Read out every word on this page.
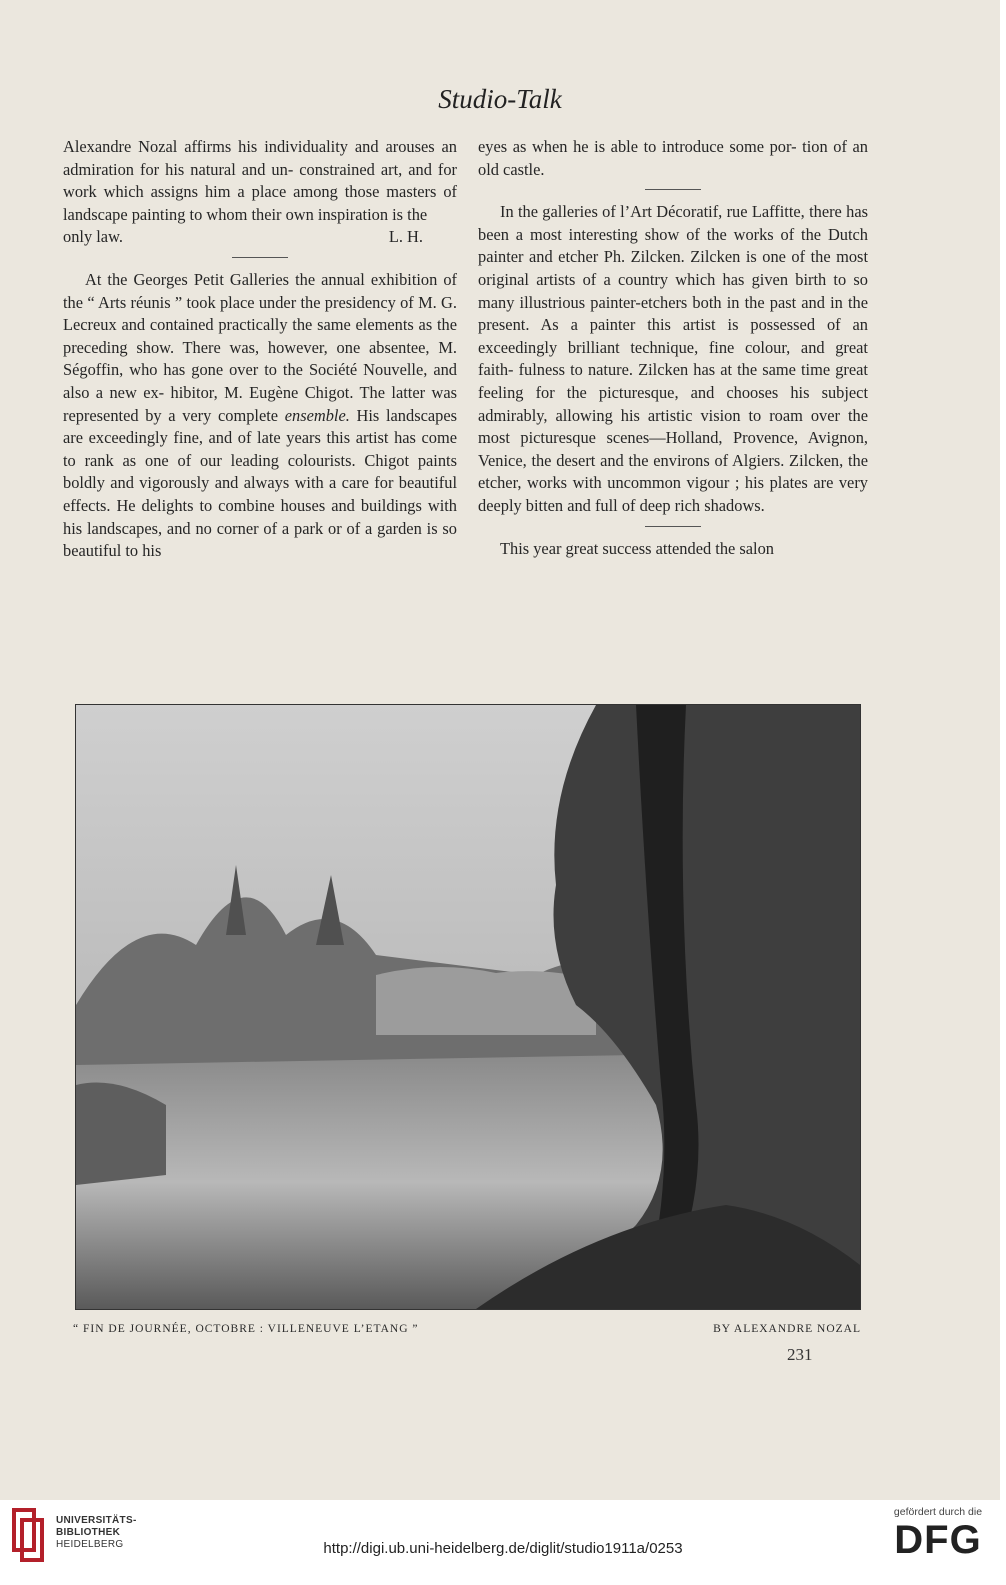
Studio-Talk

Alexandre Nozal affirms his individuality and arouses an admiration for his natural and un- constrained art, and for work which assigns him a place among those masters of landscape painting to whom their own inspiration is the

only law.	L. H.

At the Georges Petit Galleries the annual exhibition of the “ Arts réunis ” took place under the presidency of M. G. Lecreux and contained practically the same elements as the preceding show. There was, however, one absentee, M. Ségoffin, who has gone over to the Société Nouvelle, and also a new ex- hibitor, M. Eugène Chigot. The latter was represented by a very complete ensemble. His landscapes are exceedingly fine, and of late years this artist has come to rank as one of our leading colourists. Chigot paints boldly and vigorously and always with a care for beautiful effects. He delights to combine houses and buildings with his landscapes, and no corner of a park or of a garden is so beautiful to his

eyes as when he is able to introduce some por- tion of an old castle.

In the galleries of l’Art Décoratif, rue Laffitte, there has been a most interesting show of the works of the Dutch painter and etcher Ph. Zilcken. Zilcken is one of the most original artists of a country which has given birth to so many illustrious painter-etchers both in the past and in the present. As a painter this artist is possessed of an exceedingly brilliant technique, fine colour, and great faith- fulness to nature. Zilcken has at the same time great feeling for the picturesque, and chooses his subject admirably, allowing his artistic vision to roam over the most picturesque scenes—Holland, Provence, Avignon, Venice, the desert and the environs of Algiers. Zilcken, the etcher, works with uncommon vigour ; his plates are very deeply bitten and full of deep rich shadows.

This year great success attended the salon

“ FIN DE JOURNÉE, OCTOBRE : VILLENEUVE L’ETANG ”	BY ALEXANDRE NOZAL
231
UNIVERSITÄTS-
BIBLIOTHEK
HEIDELBERG	http://digi.ub.uni-heidelberg.de/diglit/studio1911a/0253
gefördert durch die
DFG
